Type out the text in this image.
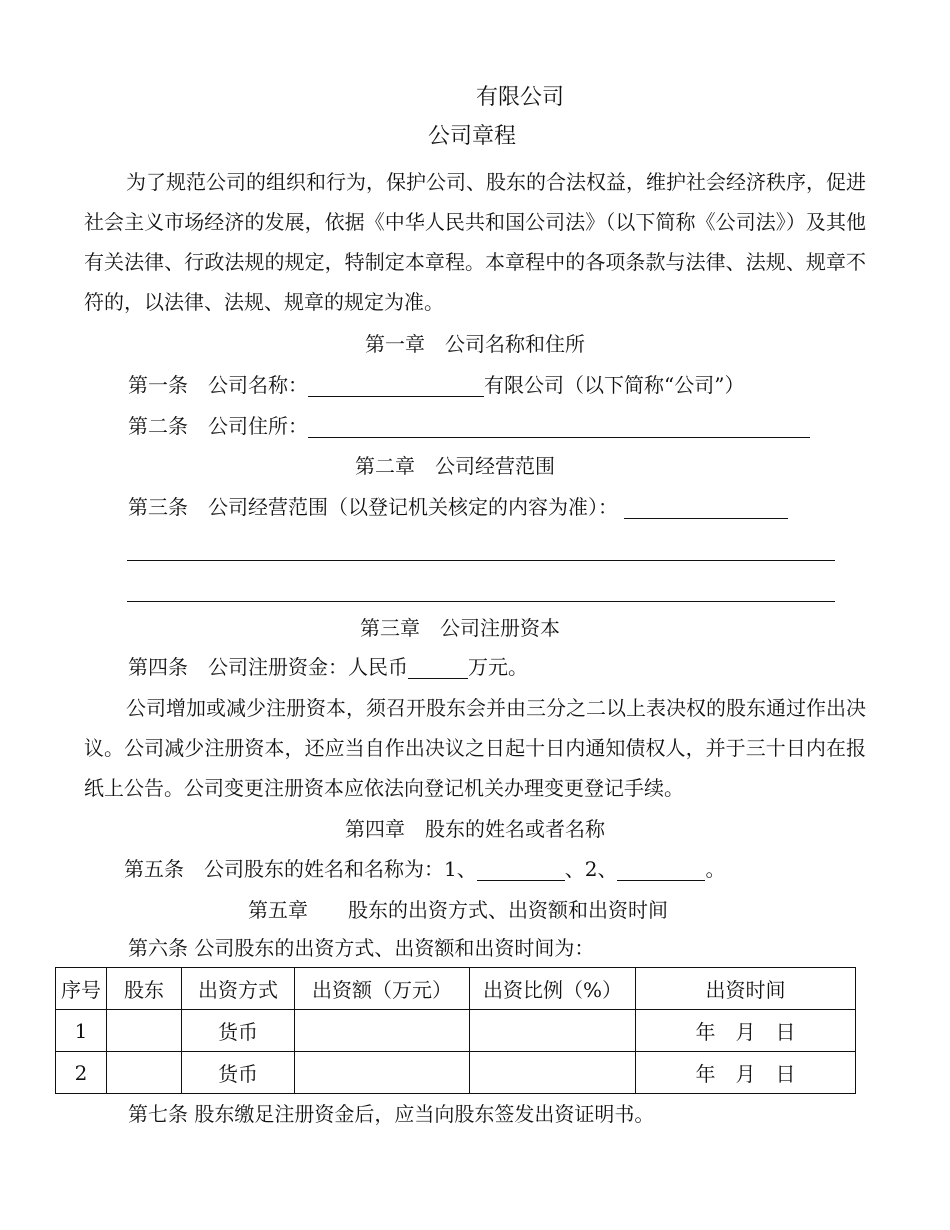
有限公司
公司章程
为了规范公司的组织和行为，保护公司、股东的合法权益，维护社会经济秩序，促进社会主义市场经济的发展，依据《中华人民共和国公司法》（以下简称《公司法》）及其他有关法律、行政法规的规定，特制定本章程。本章程中的各项条款与法律、法规、规章不符的，以法律、法规、规章的规定为准。
第一章　公司名称和住所
第一条　公司名称：	有限公司（以下简称“公司”）
第二条　公司住所：
第二章　公司经营范围
第三条　公司经营范围（以登记机关核定的内容为准）：
第三章　公司注册资本
第四条　公司注册资金：人民币	万元。
公司增加或减少注册资本，须召开股东会并由三分之二以上表决权的股东通过作出决议。公司减少注册资本，还应当自作出决议之日起十日内通知债权人，并于三十日内在报纸上公告。公司变更注册资本应依法向登记机关办理变更登记手续。
第四章　股东的姓名或者名称
第五条　公司股东的姓名和名称为：1、	、2、	。
第五章　　股东的出资方式、出资额和出资时间
第六条 公司股东的出资方式、出资额和出资时间为：
序号	股东	出资方式	出资额（万元）	出资比例（%）	出资时间
1		货币			年　月　日
2		货币			年　月　日
第七条 股东缴足注册资金后，应当向股东签发出资证明书。
